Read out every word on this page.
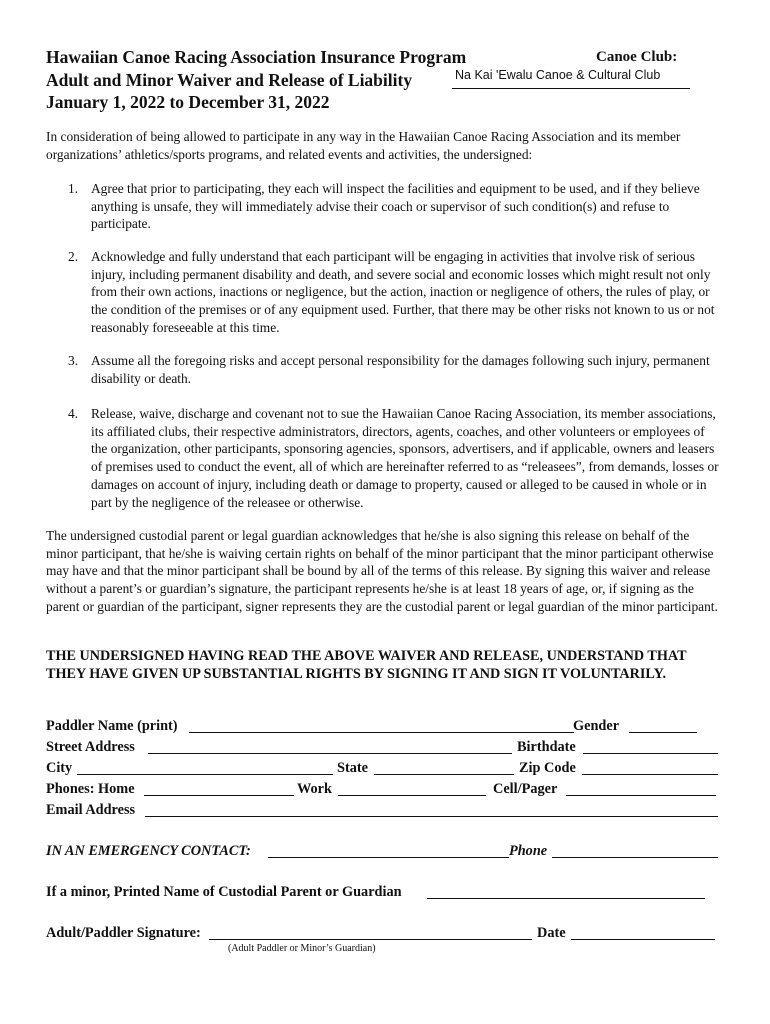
Hawaiian Canoe Racing Association Insurance Program
Adult and Minor Waiver and Release of Liability
January 1, 2022 to December 31, 2022
Canoe Club:
Na Kai 'Ewalu Canoe & Cultural Club
In consideration of being allowed to participate in any way in the Hawaiian Canoe Racing Association and its member organizations’ athletics/sports programs, and related events and activities, the undersigned:
1. Agree that prior to participating, they each will inspect the facilities and equipment to be used, and if they believe anything is unsafe, they will immediately advise their coach or supervisor of such condition(s) and refuse to participate.
2. Acknowledge and fully understand that each participant will be engaging in activities that involve risk of serious injury, including permanent disability and death, and severe social and economic losses which might result not only from their own actions, inactions or negligence, but the action, inaction or negligence of others, the rules of play, or the condition of the premises or of any equipment used. Further, that there may be other risks not known to us or not reasonably foreseeable at this time.
3. Assume all the foregoing risks and accept personal responsibility for the damages following such injury, permanent disability or death.
4. Release, waive, discharge and covenant not to sue the Hawaiian Canoe Racing Association, its member associations, its affiliated clubs, their respective administrators, directors, agents, coaches, and other volunteers or employees of the organization, other participants, sponsoring agencies, sponsors, advertisers, and if applicable, owners and leasers of premises used to conduct the event, all of which are hereinafter referred to as “releasees”, from demands, losses or damages on account of injury, including death or damage to property, caused or alleged to be caused in whole or in part by the negligence of the releasee or otherwise.
The undersigned custodial parent or legal guardian acknowledges that he/she is also signing this release on behalf of the minor participant, that he/she is waiving certain rights on behalf of the minor participant that the minor participant otherwise may have and that the minor participant shall be bound by all of the terms of this release. By signing this waiver and release without a parent’s or guardian’s signature, the participant represents he/she is at least 18 years of age, or, if signing as the parent or guardian of the participant, signer represents they are the custodial parent or legal guardian of the minor participant.
THE UNDERSIGNED HAVING READ THE ABOVE WAIVER AND RELEASE, UNDERSTAND THAT THEY HAVE GIVEN UP SUBSTANTIAL RIGHTS BY SIGNING IT AND SIGN IT VOLUNTARILY.
Paddler Name (print)	Gender
Street Address	Birthdate
City	State	Zip Code
Phones: Home	Work	Cell/Pager
Email Address
IN AN EMERGENCY CONTACT:	Phone
If a minor, Printed Name of Custodial Parent or Guardian
Adult/Paddler Signature:	Date
(Adult Paddler or Minor’s Guardian)
